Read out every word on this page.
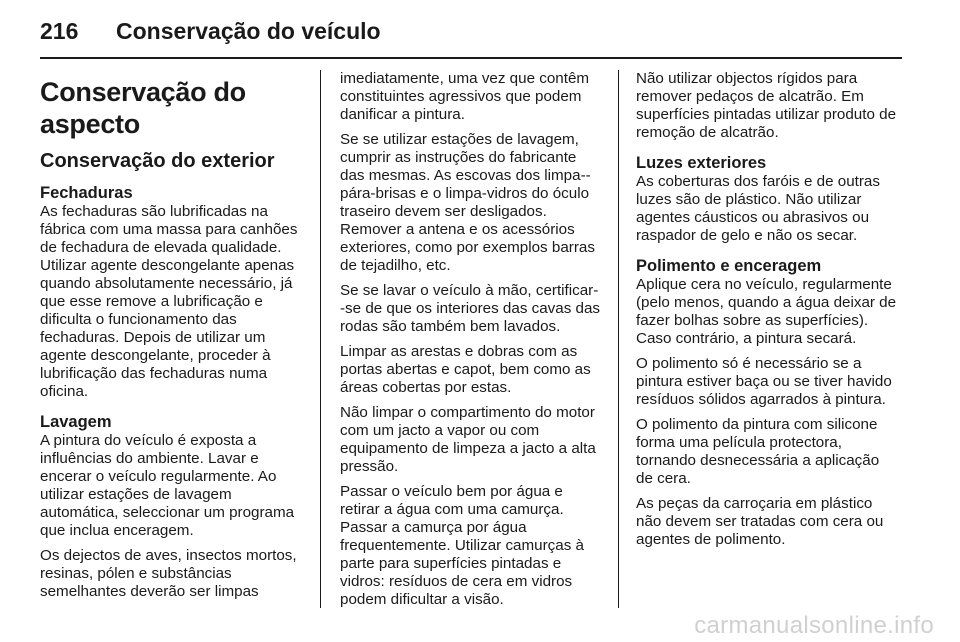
216	Conservação do veículo
Conservação do aspecto
Conservação do exterior
Fechaduras

As fechaduras são lubrificadas na fábrica com uma massa para canhões de fechadura de elevada qualidade. Utilizar agente descongelante apenas quando absolutamente necessário, já que esse remove a lubrificação e dificulta o funcionamento das fechaduras. Depois de utilizar um agente descongelante, proceder à lubrificação das fechaduras numa oficina.

Lavagem

A pintura do veículo é exposta a influências do ambiente. Lavar e encerar o veículo regularmente. Ao utilizar estações de lavagem automática, seleccionar um programa que inclua enceragem.

Os dejectos de aves, insectos mortos, resinas, pólen e substâncias semelhantes deverão ser limpas

imediatamente, uma vez que contêm constituintes agressivos que podem danificar a pintura.

Se se utilizar estações de lavagem, cumprir as instruções do fabricante das mesmas. As escovas dos limpa--pára-brisas e o limpa-vidros do óculo traseiro devem ser desligados. Remover a antena e os acessórios exteriores, como por exemplos barras de tejadilho, etc.

Se se lavar o veículo à mão, certificar--se de que os interiores das cavas das rodas são também bem lavados.

Limpar as arestas e dobras com as portas abertas e capot, bem como as áreas cobertas por estas.

Não limpar o compartimento do motor com um jacto a vapor ou com equipamento de limpeza a jacto a alta pressão.

Passar o veículo bem por água e retirar a água com uma camurça. Passar a camurça por água frequentemente. Utilizar camurças à parte para superfícies pintadas e vidros: resíduos de cera em vidros podem dificultar a visão.

Não utilizar objectos rígidos para remover pedaços de alcatrão. Em superfícies pintadas utilizar produto de remoção de alcatrão.

Luzes exteriores

As coberturas dos faróis e de outras luzes são de plástico. Não utilizar agentes cáusticos ou abrasivos ou raspador de gelo e não os secar.

Polimento e enceragem

Aplique cera no veículo, regularmente (pelo menos, quando a água deixar de fazer bolhas sobre as superfícies). Caso contrário, a pintura secará.

O polimento só é necessário se a pintura estiver baça ou se tiver havido resíduos sólidos agarrados à pintura.

O polimento da pintura com silicone forma uma película protectora, tornando desnecessária a aplicação de cera.

As peças da carroçaria em plástico não devem ser tratadas com cera ou agentes de polimento.

carmanualsonline.info
